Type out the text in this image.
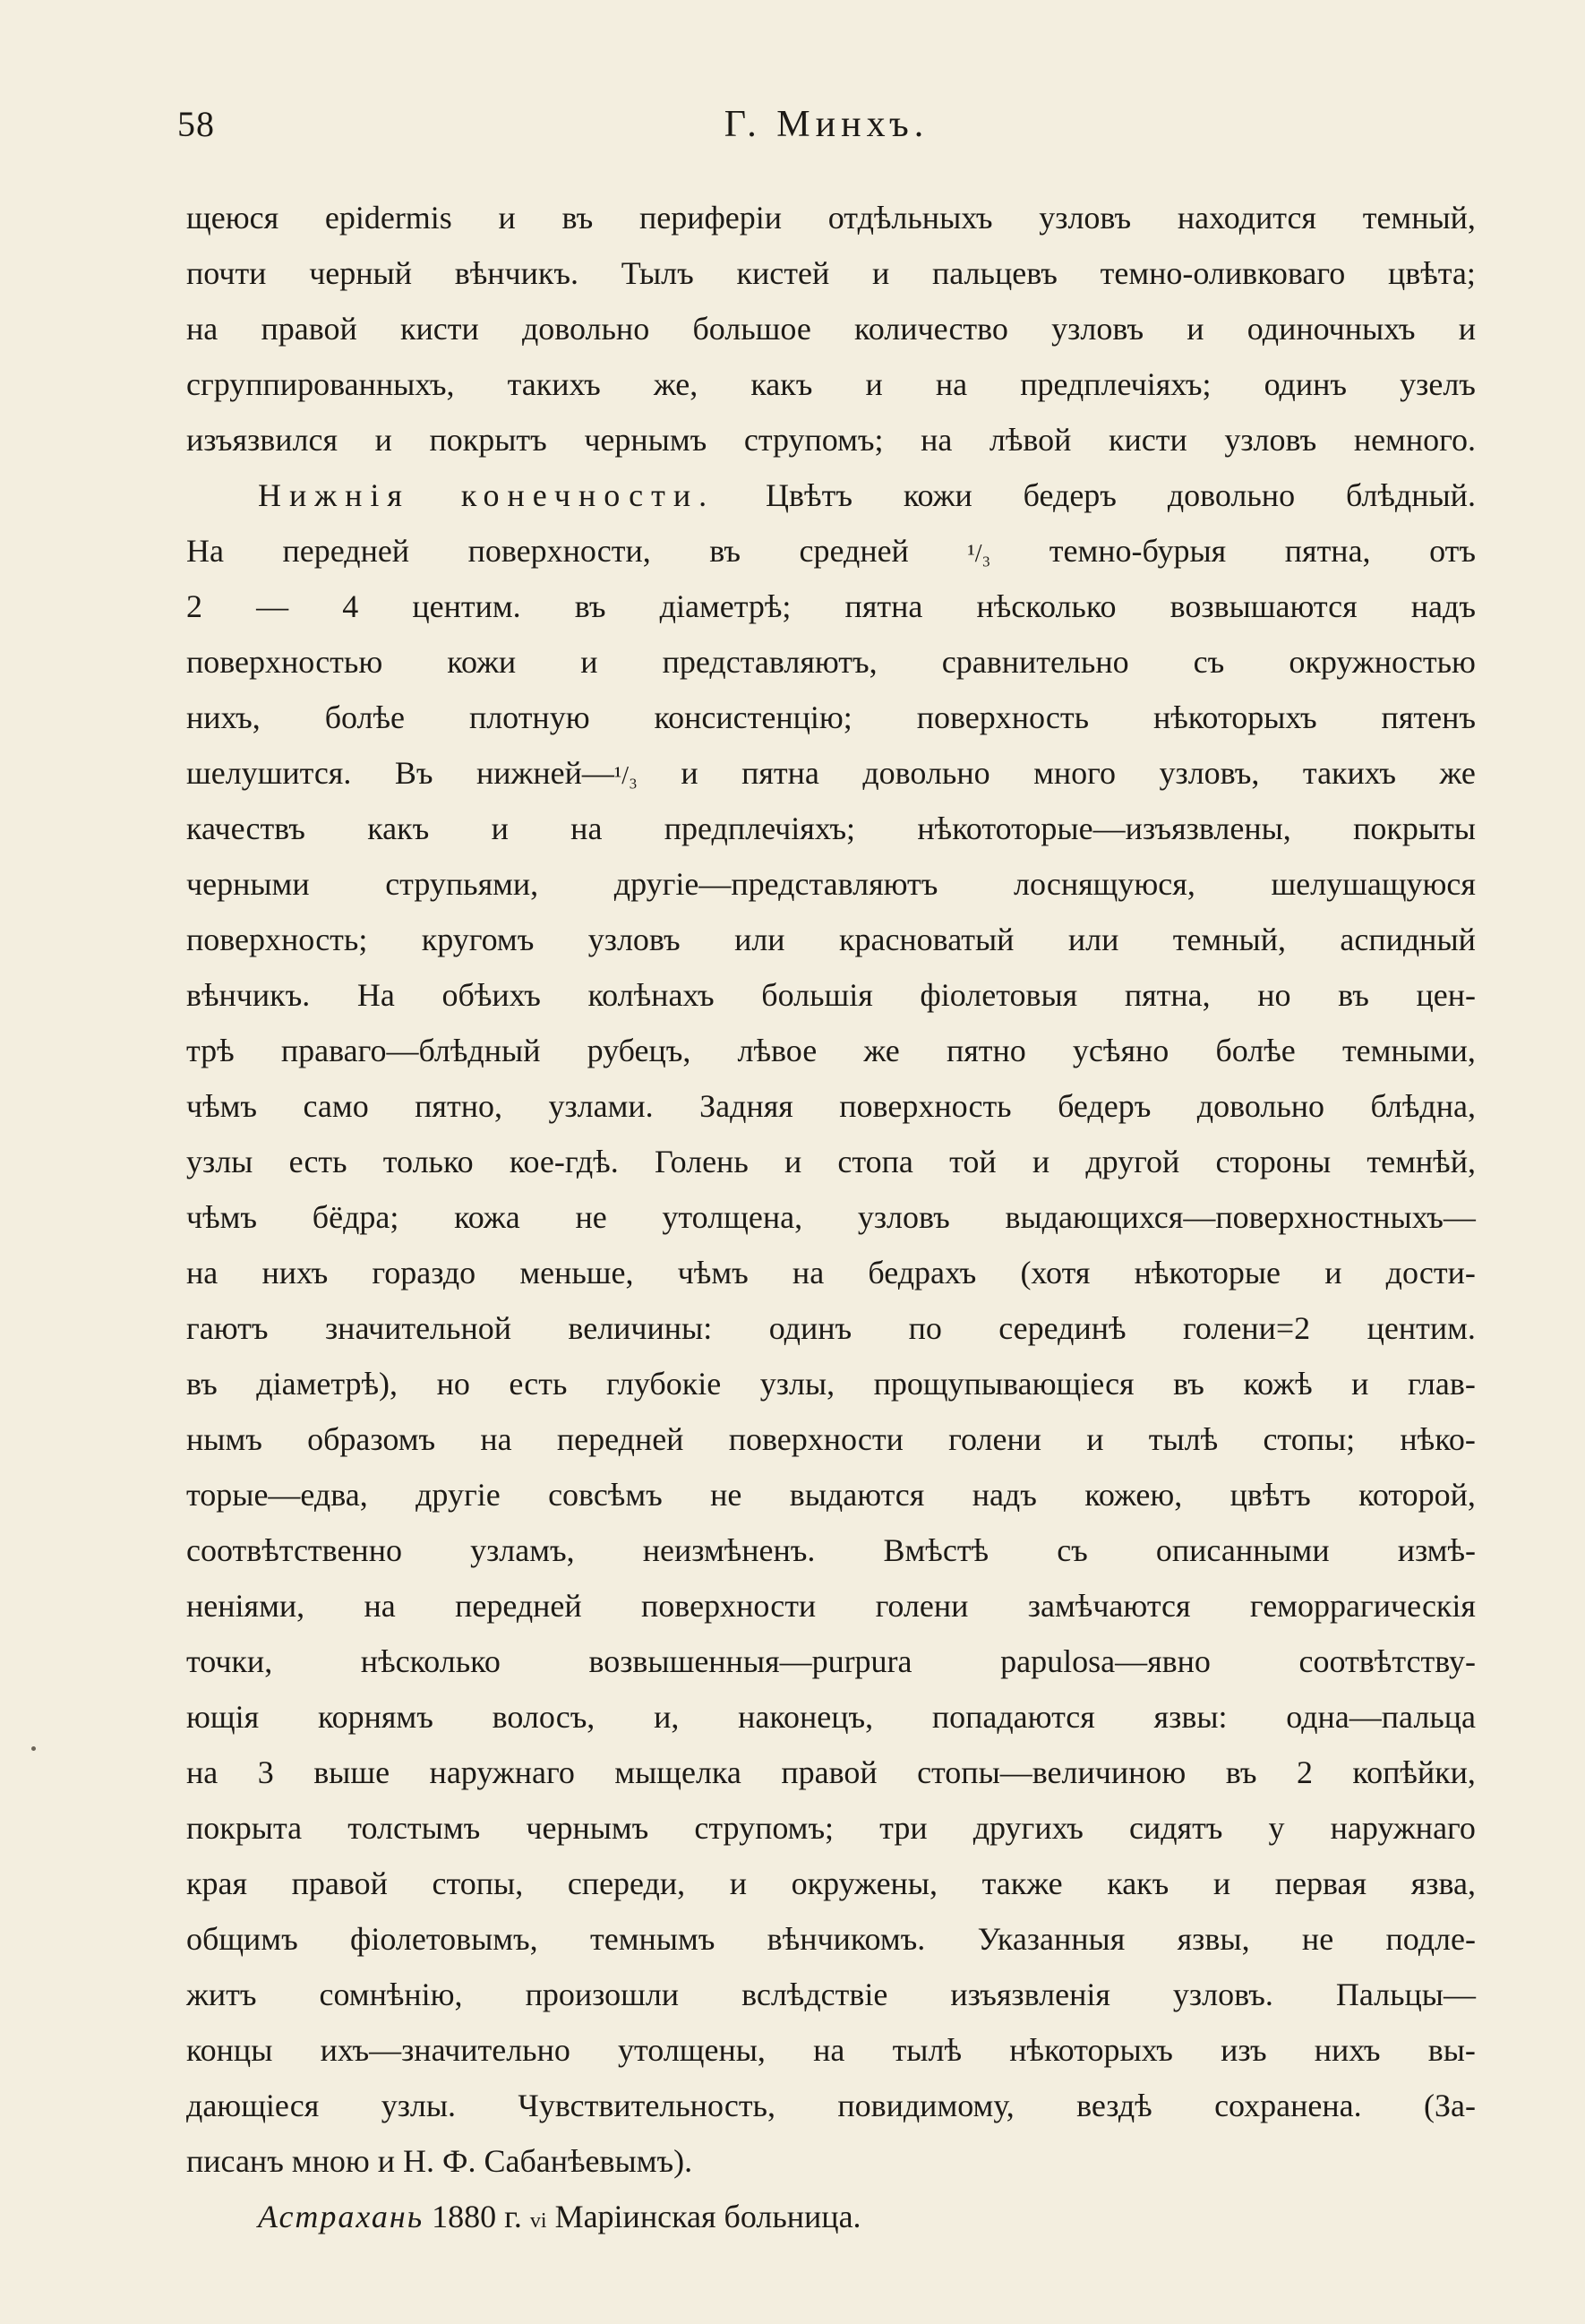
58	Г. Минхъ.
щеюся epidermis и въ периферіи отдѣльныхъ узловъ находится темный,
почти черный вѣнчикъ. Тылъ кистей и пальцевъ темно-оливковаго цвѣта;
на правой кисти довольно большое количество узловъ и одиночныхъ и
сгруппированныхъ, такихъ же, какъ и на предплечіяхъ; одинъ узелъ
изъязвился и покрытъ чернымъ струпомъ; на лѣвой кисти узловъ немного.
Нижнія конечности. Цвѣтъ кожи бедеръ довольно блѣдный.
На передней поверхности, въ средней ¹/₃ темно-бурыя пятна, отъ
2 — 4 центим. въ діаметрѣ; пятна нѣсколько возвышаются надъ
поверхностью кожи и представляютъ, сравнительно съ окружностью
нихъ, болѣе плотную консистенцію; поверхность нѣкоторыхъ пятенъ
шелушится. Въ нижней—¹/₃ и пятна довольно много узловъ, такихъ же
качествъ какъ и на предплечіяхъ; нѣкототорые—изъязвлены, покрыты
черными струпьями, другіе—представляютъ лоснящуюся, шелушащуюся
поверхность; кругомъ узловъ или красноватый или темный, аспидный
вѣнчикъ. На обѣихъ колѣнахъ большія фіолетовыя пятна, но въ цен-
трѣ праваго—блѣдный рубецъ, лѣвое же пятно усѣяно болѣе темными,
чѣмъ само пятно, узлами. Задняя поверхность бедеръ довольно блѣдна,
узлы есть только кое-гдѣ. Голень и стопа той и другой стороны темнѣй,
чѣмъ бёдра; кожа не утолщена, узловъ выдающихся—поверхностныхъ—
на нихъ гораздо меньше, чѣмъ на бедрахъ (хотя нѣкоторые и дости-
гаютъ значительной величины: одинъ по серединѣ голени=2 центим.
въ діаметрѣ), но есть глубокіе узлы, прощупывающіеся въ кожѣ и глав-
нымъ образомъ на передней поверхности голени и тылѣ стопы; нѣко-
торые—едва, другіе совсѣмъ не выдаются надъ кожею, цвѣтъ которой,
соотвѣтственно узламъ, неизмѣненъ. Вмѣстѣ съ описанными измѣ-
неніями, на передней поверхности голени замѣчаются геморрагическія
точки,	нѣсколько	возвышенныя—purpura	papulosa—явно	соотвѣтству-
ющія корнямъ волосъ, и, наконецъ, попадаются язвы: одна—пальца
на 3 выше наружнаго мыщелка правой стопы—величиною въ 2 копѣйки,
покрыта толстымъ чернымъ струпомъ; три другихъ сидятъ у наружнаго
края правой стопы, спереди, и окружены, также какъ и первая язва,
общимъ фіолетовымъ, темнымъ вѣнчикомъ. Указанныя язвы, не подле-
житъ сомнѣнію, произошли вслѣдствіе изъязвленія узловъ. Пальцы—
концы ихъ—значительно утолщены, на тылѣ нѣкоторыхъ изъ нихъ вы-
дающіеся узлы. Чувствительность, повидимому, вездѣ сохранена. (За-
писанъ мною и Н. Ф. Сабанѣевымъ).
Астрахань 1880 г. vi Маріинская больница.
